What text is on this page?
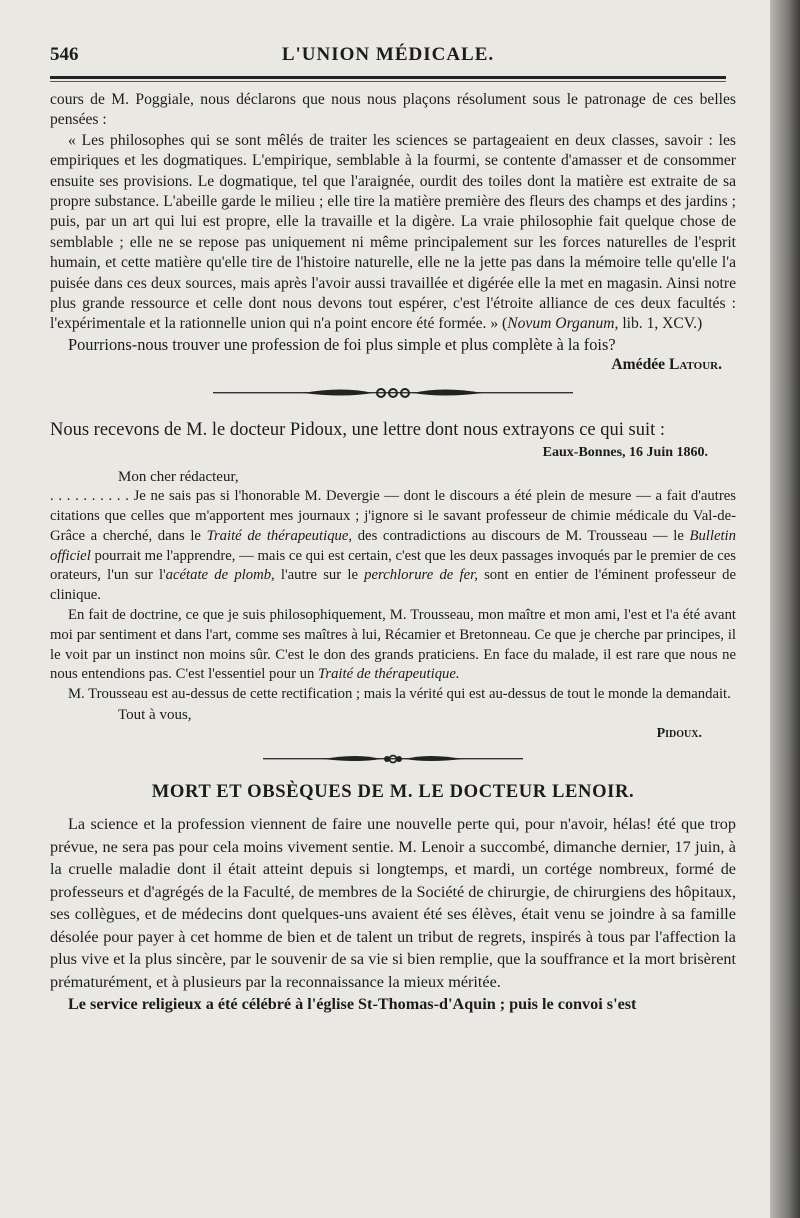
546	L'UNION MÉDICALE.

cours de M. Poggiale, nous déclarons que nous nous plaçons résolument sous le patronage de ces belles pensées :

« Les philosophes qui se sont mêlés de traiter les sciences se partageaient en deux classes, savoir : les empiriques et les dogmatiques. L'empirique, semblable à la fourmi, se contente d'amasser et de consommer ensuite ses provisions. Le dogmatique, tel que l'araignée, ourdit des toiles dont la matière est extraite de sa propre substance. L'abeille garde le milieu ; elle tire la matière première des fleurs des champs et des jardins ; puis, par un art qui lui est propre, elle la travaille et la digère. La vraie philosophie fait quelque chose de semblable ; elle ne se repose pas uniquement ni même principalement sur les forces naturelles de l'esprit humain, et cette matière qu'elle tire de l'histoire naturelle, elle ne la jette pas dans la mémoire telle qu'elle l'a puisée dans ces deux sources, mais après l'avoir aussi travaillée et digérée elle la met en magasin. Ainsi notre plus grande ressource et celle dont nous devons tout espérer, c'est l'étroite alliance de ces deux facultés : l'expérimentale et la rationnelle union qui n'a point encore été formée. » (Novum Organum, lib. 1, XCV.)

Pourrions-nous trouver une profession de foi plus simple et plus complète à la fois?

Amédée Latour.

Nous recevons de M. le docteur Pidoux, une lettre dont nous extrayons ce qui suit :

Eaux-Bonnes, 16 Juin 1860.

Mon cher rédacteur,

. . . . . . . . . . Je ne sais pas si l'honorable M. Devergie — dont le discours a été plein de mesure — a fait d'autres citations que celles que m'apportent mes journaux ; j'ignore si le savant professeur de chimie médicale du Val-de-Grâce a cherché, dans le Traité de thérapeutique, des contradictions au discours de M. Trousseau — le Bulletin officiel pourrait me l'apprendre, — mais ce qui est certain, c'est que les deux passages invoqués par le premier de ces orateurs, l'un sur l'acétate de plomb, l'autre sur le perchlorure de fer, sont en entier de l'éminent professeur de clinique.

En fait de doctrine, ce que je suis philosophiquement, M. Trousseau, mon maître et mon ami, l'est et l'a été avant moi par sentiment et dans l'art, comme ses maîtres à lui, Récamier et Bretonneau. Ce que je cherche par principes, il le voit par un instinct non moins sûr. C'est le don des grands praticiens. En face du malade, il est rare que nous ne nous entendions pas. C'est l'essentiel pour un Traité de thérapeutique.

M. Trousseau est au-dessus de cette rectification ; mais la vérité qui est au-dessus de tout le monde la demandait.

Tout à vous,

Pidoux.

MORT ET OBSÈQUES DE M. LE DOCTEUR LENOIR.

La science et la profession viennent de faire une nouvelle perte qui, pour n'avoir, hélas! été que trop prévue, ne sera pas pour cela moins vivement sentie. M. Lenoir a succombé, dimanche dernier, 17 juin, à la cruelle maladie dont il était atteint depuis si longtemps, et mardi, un cortége nombreux, formé de professeurs et d'agrégés de la Faculté, de membres de la Société de chirurgie, de chirurgiens des hôpitaux, ses collègues, et de médecins dont quelques-uns avaient été ses élèves, était venu se joindre à sa famille désolée pour payer à cet homme de bien et de talent un tribut de regrets, inspirés à tous par l'affection la plus vive et la plus sincère, par le souvenir de sa vie si bien remplie, que la souffrance et la mort brisèrent prématurément, et à plusieurs par la reconnaissance la mieux méritée.

Le service religieux a été célébré à l'église St-Thomas-d'Aquin ; puis le convoi s'est
